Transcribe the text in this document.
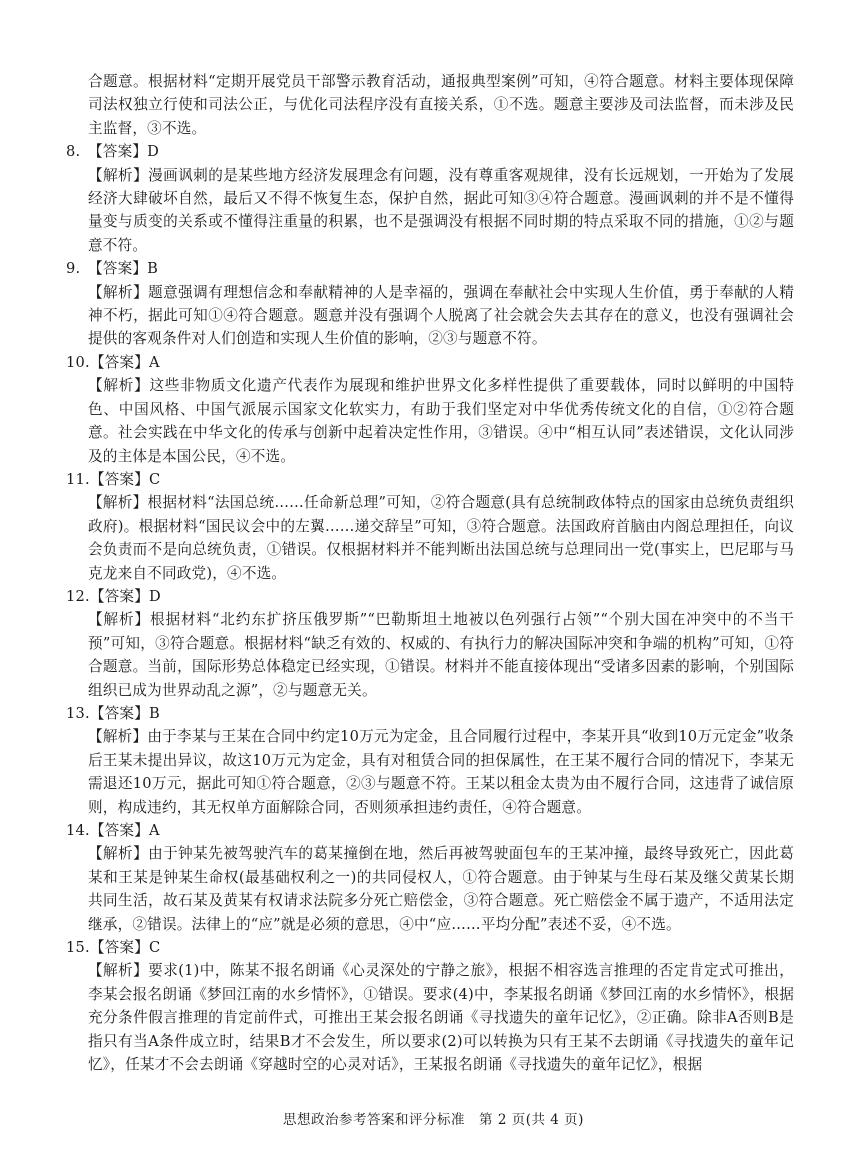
合题意。根据材料“定期开展党员干部警示教育活动，通报典型案例”可知，④符合题意。材料主要体现保障司法权独立行使和司法公正，与优化司法程序没有直接关系，①不选。题意主要涉及司法监督，而未涉及民主监督，③不选。

8. 【答案】D

【解析】漫画讽刺的是某些地方经济发展理念有问题，没有尊重客观规律，没有长远规划，一开始为了发展经济大肆破坏自然，最后又不得不恢复生态，保护自然，据此可知③④符合题意。漫画讽刺的并不是不懂得量变与质变的关系或不懂得注重量的积累，也不是强调没有根据不同时期的特点采取不同的措施，①②与题意不符。

9. 【答案】B

【解析】题意强调有理想信念和奉献精神的人是幸福的，强调在奉献社会中实现人生价值，勇于奉献的人精神不朽，据此可知①④符合题意。题意并没有强调个人脱离了社会就会失去其存在的意义，也没有强调社会提供的客观条件对人们创造和实现人生价值的影响，②③与题意不符。

10.【答案】A

【解析】这些非物质文化遗产代表作为展现和维护世界文化多样性提供了重要载体，同时以鲜明的中国特色、中国风格、中国气派展示国家文化软实力，有助于我们坚定对中华优秀传统文化的自信，①②符合题意。社会实践在中华文化的传承与创新中起着决定性作用，③错误。④中“相互认同”表述错误，文化认同涉及的主体是本国公民，④不选。

11.【答案】C

【解析】根据材料“法国总统……任命新总理”可知，②符合题意(具有总统制政体特点的国家由总统负责组织政府)。根据材料“国民议会中的左翼……递交辞呈”可知，③符合题意。法国政府首脑由内阁总理担任，向议会负责而不是向总统负责，①错误。仅根据材料并不能判断出法国总统与总理同出一党(事实上，巴尼耶与马克龙来自不同政党)，④不选。

12.【答案】D

【解析】根据材料“北约东扩挤压俄罗斯”“巴勒斯坦土地被以色列强行占领”“个别大国在冲突中的不当干预”可知，③符合题意。根据材料“缺乏有效的、权威的、有执行力的解决国际冲突和争端的机构”可知，①符合题意。当前，国际形势总体稳定已经实现，①错误。材料并不能直接体现出“受诸多因素的影响，个别国际组织已成为世界动乱之源”，②与题意无关。

13.【答案】B

【解析】由于李某与王某在合同中约定10万元为定金，且合同履行过程中，李某开具“收到10万元定金”收条后王某未提出异议，故这10万元为定金，具有对租赁合同的担保属性，在王某不履行合同的情况下，李某无需退还10万元，据此可知①符合题意，②③与题意不符。王某以租金太贵为由不履行合同，这违背了诚信原则，构成违约，其无权单方面解除合同，否则须承担违约责任，④符合题意。

14.【答案】A

【解析】由于钟某先被驾驶汽车的葛某撞倒在地，然后再被驾驶面包车的王某冲撞，最终导致死亡，因此葛某和王某是钟某生命权(最基础权利之一)的共同侵权人，①符合题意。由于钟某与生母石某及继父黄某长期共同生活，故石某及黄某有权请求法院多分死亡赔偿金，③符合题意。死亡赔偿金不属于遗产，不适用法定继承，②错误。法律上的“应”就是必须的意思，④中“应……平均分配”表述不妥，④不选。

15.【答案】C

【解析】要求(1)中，陈某不报名朗诵《心灵深处的宁静之旅》，根据不相容选言推理的否定肯定式可推出，李某会报名朗诵《梦回江南的水乡情怀》，①错误。要求(4)中，李某报名朗诵《梦回江南的水乡情怀》，根据充分条件假言推理的肯定前件式，可推出王某会报名朗诵《寻找遗失的童年记忆》，②正确。除非A否则B是指只有当A条件成立时，结果B才不会发生，所以要求(2)可以转换为只有王某不去朗诵《寻找遗失的童年记忆》，任某才不会去朗诵《穿越时空的心灵对话》，王某报名朗诵《寻找遗失的童年记忆》，根据

思想政治参考答案和评分标准　第 2 页(共 4 页)
